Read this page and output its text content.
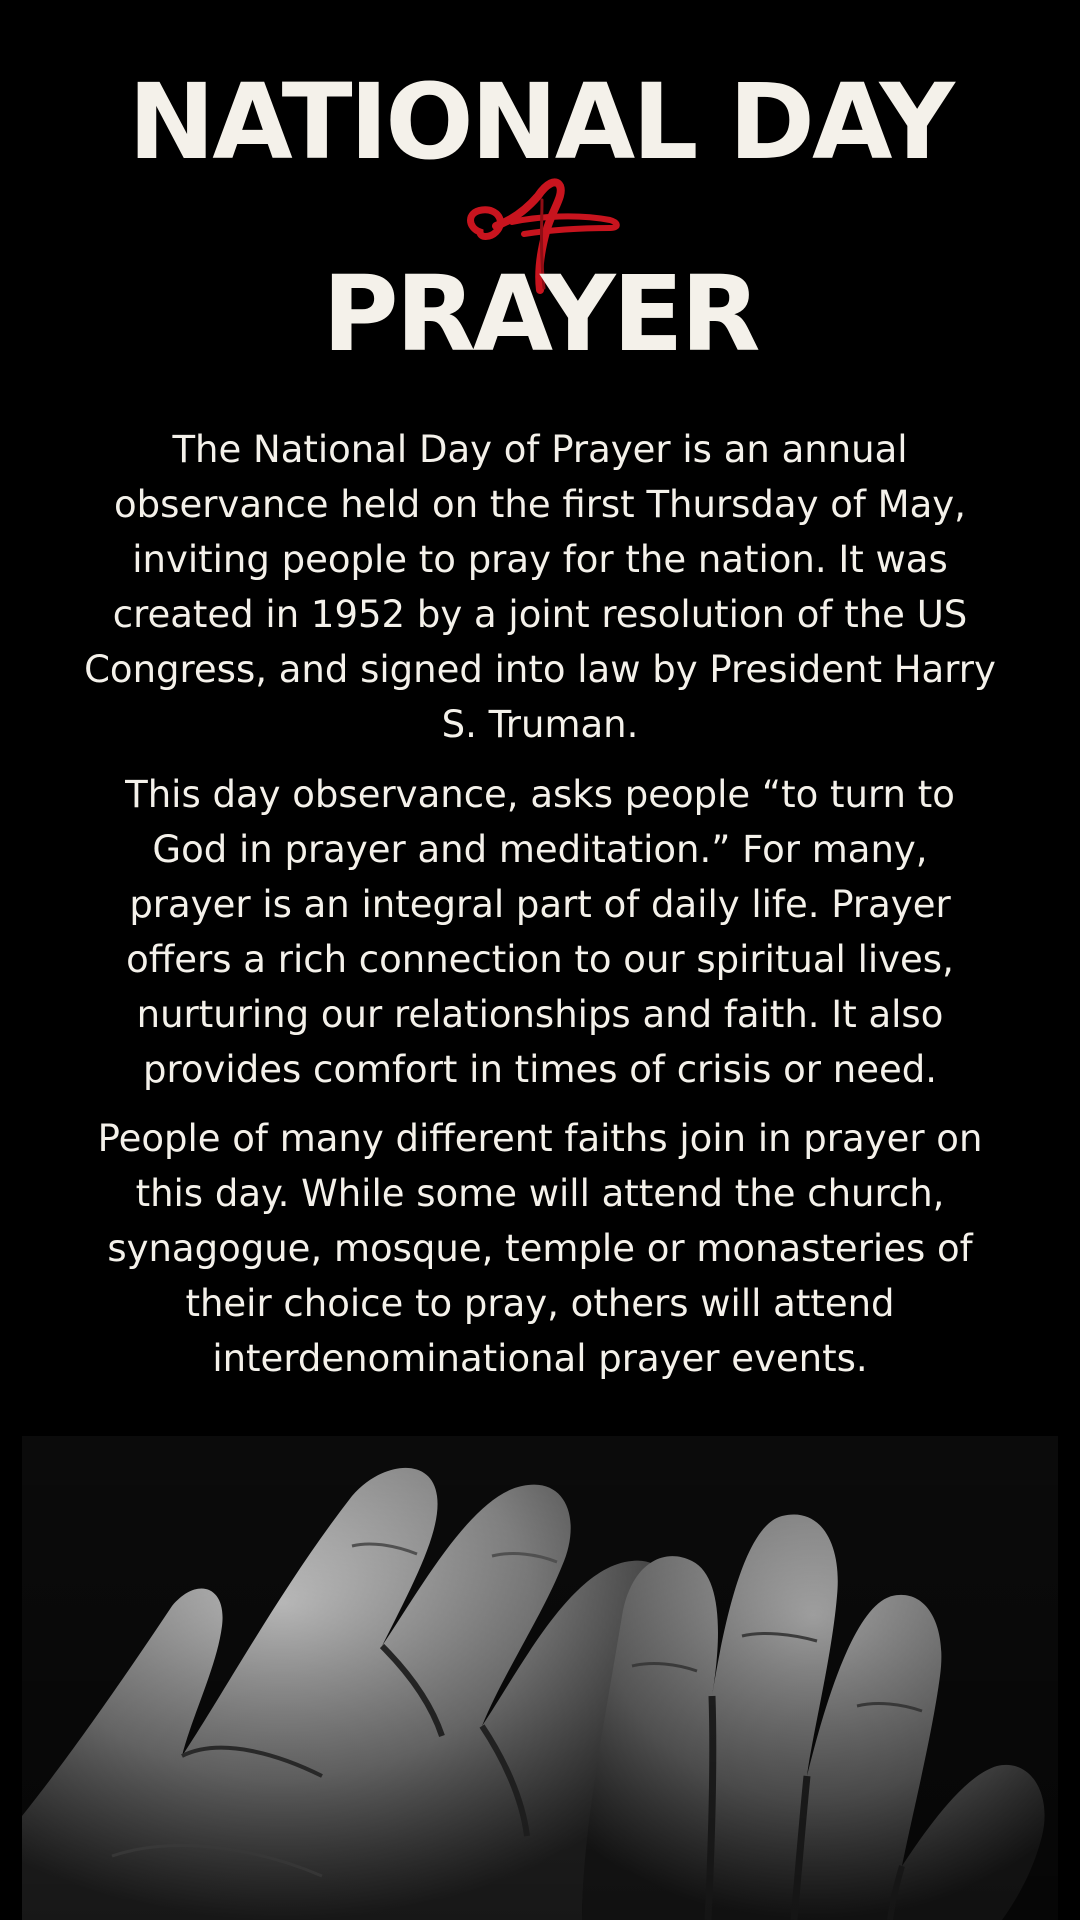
NATIONAL DAY
PRAYER

The National Day of Prayer is an annual observance held on the first Thursday of May, inviting people to pray for the nation. It was created in 1952 by a joint resolution of the US Congress, and signed into law by President Harry S. Truman.

This day observance, asks people “to turn to God in prayer and meditation.” For many, prayer is an integral part of daily life. Prayer offers a rich connection to our spiritual lives, nurturing our relationships and faith. It also provides comfort in times of crisis or need.

People of many different faiths join in prayer on this day. While some will attend the church, synagogue, mosque, temple or monasteries of their choice to pray, others will attend interdenominational prayer events.
